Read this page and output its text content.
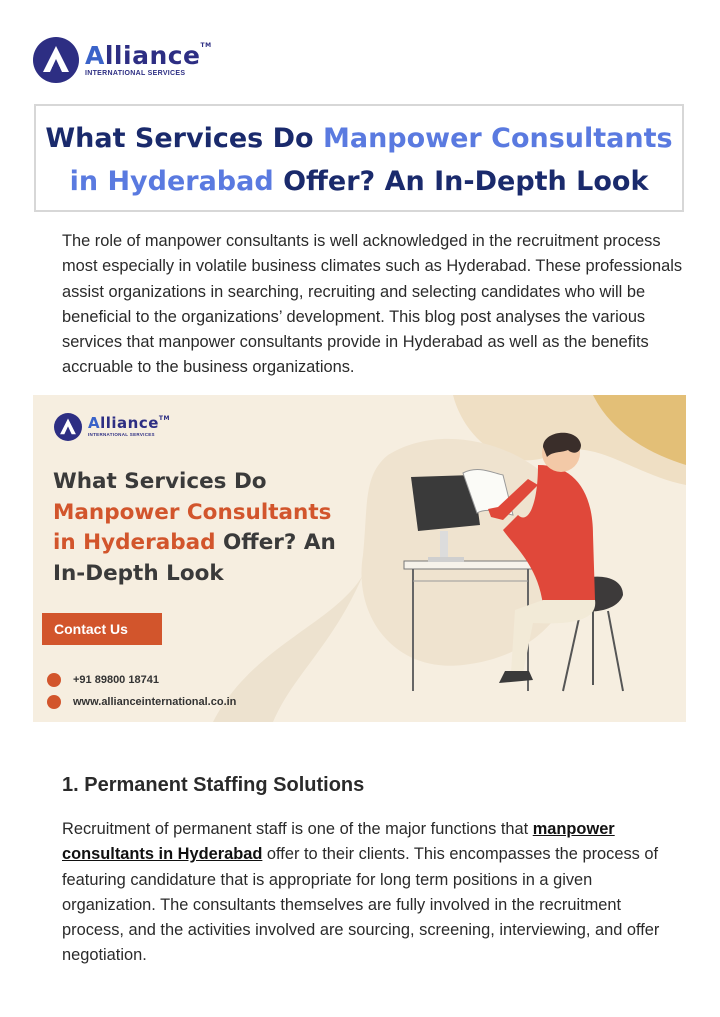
Alliance™
INTERNATIONAL SERVICES
What Services Do Manpower Consultants
in Hyderabad Offer? An In-Depth Look
The role of manpower consultants is well acknowledged in the recruitment process most especially in volatile business climates such as Hyderabad. These professionals assist organizations in searching, recruiting and selecting candidates who will be beneficial to the organizations’ development. This blog post analyses the various services that manpower consultants provide in Hyderabad as well as the benefits accruable to the business organizations.
Alliance™
INTERNATIONAL SERVICES
What Services Do
Manpower Consultants
in Hyderabad Offer? An
In-Depth Look
Contact Us
+91 89800 18741
www.allianceinternational.co.in
1. Permanent Staffing Solutions
Recruitment of permanent staff is one of the major functions that manpower consultants in Hyderabad offer to their clients. This encompasses the process of featuring candidature that is appropriate for long term positions in a given organization. The consultants themselves are fully involved in the recruitment process, and the activities involved are sourcing, screening, interviewing, and offer negotiation.
